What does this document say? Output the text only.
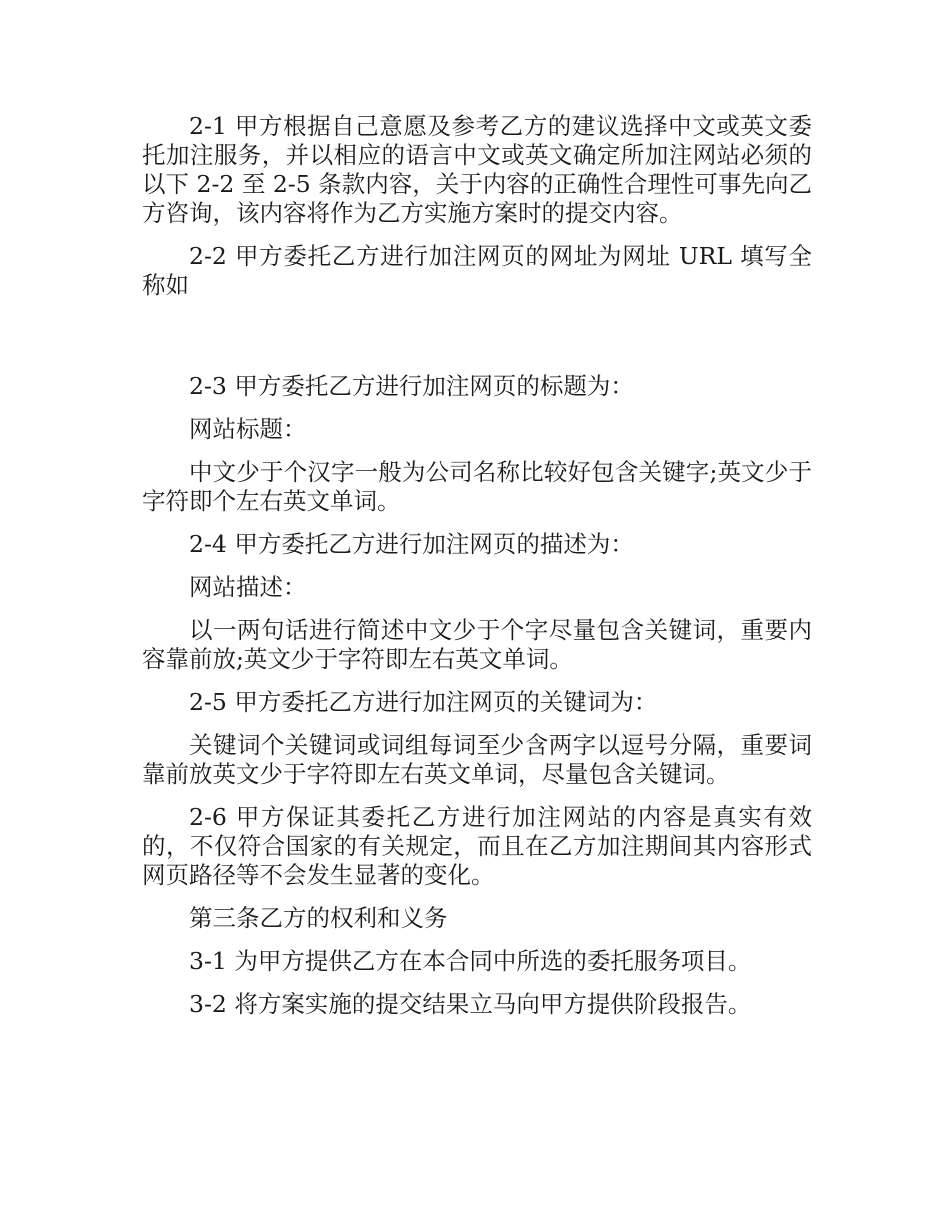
2-1 甲方根据自己意愿及参考乙方的建议选择中文或英文委托加注服务，并以相应的语言中文或英文确定所加注网站必须的以下 2-2 至 2-5 条款内容，关于内容的正确性合理性可事先向乙方咨询，该内容将作为乙方实施方案时的提交内容。

2-2 甲方委托乙方进行加注网页的网址为网址 URL 填写全称如

2-3 甲方委托乙方进行加注网页的标题为：

网站标题：

中文少于个汉字一般为公司名称比较好包含关键字;英文少于字符即个左右英文单词。

2-4 甲方委托乙方进行加注网页的描述为：

网站描述：

以一两句话进行简述中文少于个字尽量包含关键词，重要内容靠前放;英文少于字符即左右英文单词。

2-5 甲方委托乙方进行加注网页的关键词为：

关键词个关键词或词组每词至少含两字以逗号分隔，重要词靠前放英文少于字符即左右英文单词，尽量包含关键词。

2-6 甲方保证其委托乙方进行加注网站的内容是真实有效的，不仅符合国家的有关规定，而且在乙方加注期间其内容形式网页路径等不会发生显著的变化。

第三条乙方的权利和义务

3-1 为甲方提供乙方在本合同中所选的委托服务项目。

3-2 将方案实施的提交结果立马向甲方提供阶段报告。
